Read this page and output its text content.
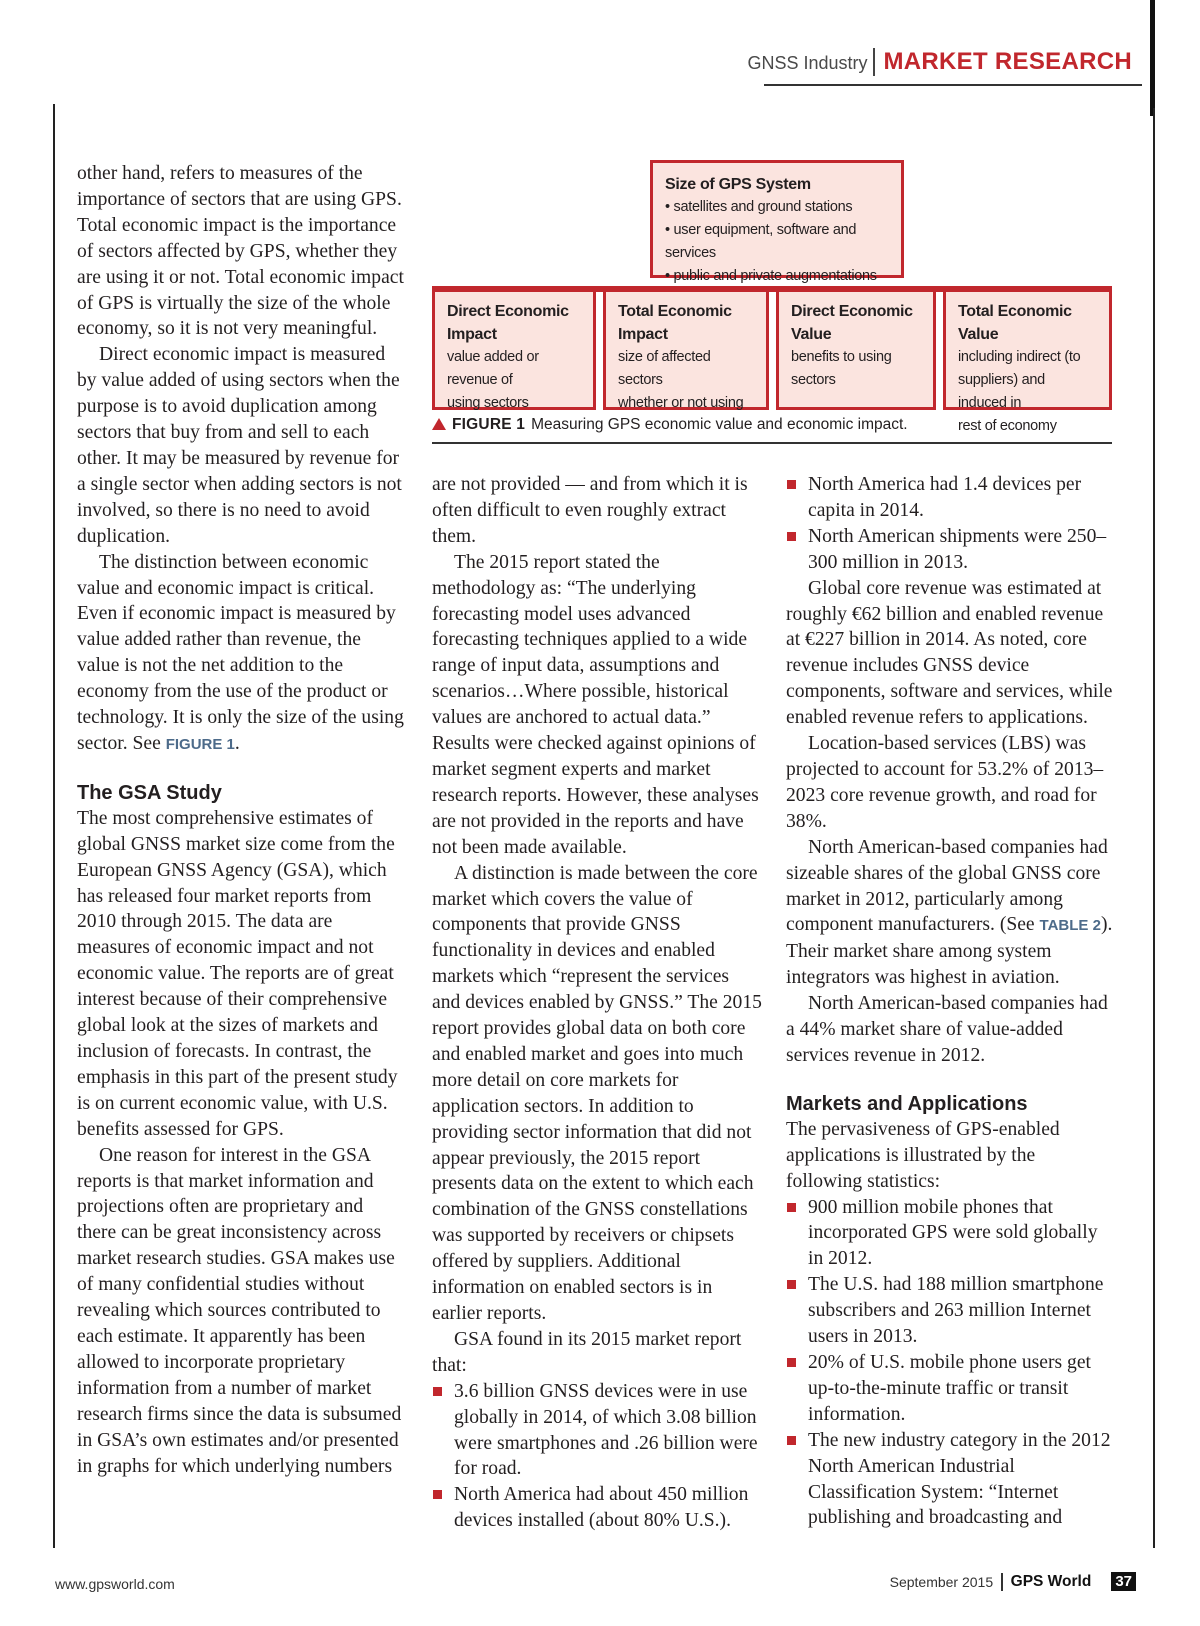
GNSS Industry MARKET RESEARCH
Size of GPS System
• satellites and ground stations
• user equipment, software and services
• public and private augmentations
Direct Economic Impact
value added or revenue of
using sectors
Total Economic Impact
size of affected sectors
whether or not using
Direct Economic Value
benefits to using sectors
Total Economic Value
including indirect (to
suppliers) and induced in
rest of economy
FIGURE 1 Measuring GPS economic value and economic impact.

other hand, refers to measures of the importance of sectors that are using GPS. Total economic impact is the importance of sectors affected by GPS, whether they are using it or not. Total economic impact of GPS is virtually the size of the whole economy, so it is not very meaningful.

Direct economic impact is measured by value added of using sectors when the purpose is to avoid duplication among sectors that buy from and sell to each other. It may be measured by revenue for a single sector when adding sectors is not involved, so there is no need to avoid duplication.

The distinction between economic value and economic impact is critical. Even if economic impact is measured by value added rather than revenue, the value is not the net addition to the economy from the use of the product or technology. It is only the size of the using sector. See FIGURE 1.

The GSA Study

The most comprehensive estimates of global GNSS market size come from the European GNSS Agency (GSA), which has released four market reports from 2010 through 2015. The data are measures of economic impact and not economic value. The reports are of great interest because of their comprehensive global look at the sizes of markets and inclusion of forecasts. In contrast, the emphasis in this part of the present study is on current economic value, with U.S. benefits assessed for GPS.

One reason for interest in the GSA reports is that market information and projections often are proprietary and there can be great inconsistency across market research studies. GSA makes use of many confidential studies without revealing which sources contributed to each estimate. It apparently has been allowed to incorporate proprietary information from a number of market research firms since the data is subsumed in GSA’s own estimates and/or presented in graphs for which underlying numbers

are not provided — and from which it is often difficult to even roughly extract them.

The 2015 report stated the methodology as: “The underlying forecasting model uses advanced forecasting techniques applied to a wide range of input data, assumptions and scenarios…Where possible, historical values are anchored to actual data.” Results were checked against opinions of market segment experts and market research reports. However, these analyses are not provided in the reports and have not been made available.

A distinction is made between the core market which covers the value of components that provide GNSS functionality in devices and enabled markets which “represent the services and devices enabled by GNSS.” The 2015 report provides global data on both core and enabled market and goes into much more detail on core markets for application sectors. In addition to providing sector information that did not appear previously, the 2015 report presents data on the extent to which each combination of the GNSS constellations was supported by receivers or chipsets offered by suppliers. Additional information on enabled sectors is in earlier reports.

GSA found in its 2015 market report that:

3.6 billion GNSS devices were in use globally in 2014, of which 3.08 billion were smartphones and .26 billion were for road.
North America had about 450 million devices installed (about 80% U.S.).
North America had 1.4 devices per capita in 2014.
North American shipments were 250–300 million in 2013.

Global core revenue was estimated at roughly €62 billion and enabled revenue at €227 billion in 2014. As noted, core revenue includes GNSS device components, software and services, while enabled revenue refers to applications.

Location-based services (LBS) was projected to account for 53.2% of 2013–2023 core revenue growth, and road for 38%.

North American-based companies had sizeable shares of the global GNSS core market in 2012, particularly among component manufacturers. (See TABLE 2). Their market share among system integrators was highest in aviation.

North American-based companies had a 44% market share of value-added services revenue in 2012.

Markets and Applications

The pervasiveness of GPS-enabled applications is illustrated by the following statistics:

900 million mobile phones that incorporated GPS were sold globally in 2012.
The U.S. had 188 million smartphone subscribers and 263 million Internet users in 2013.
20% of U.S. mobile phone users get up-to-the-minute traffic or transit information.
The new industry category in the 2012 North American Industrial Classification System: “Internet publishing and broadcasting and
www.gpsworld.com	September 2015 GPS World 37
